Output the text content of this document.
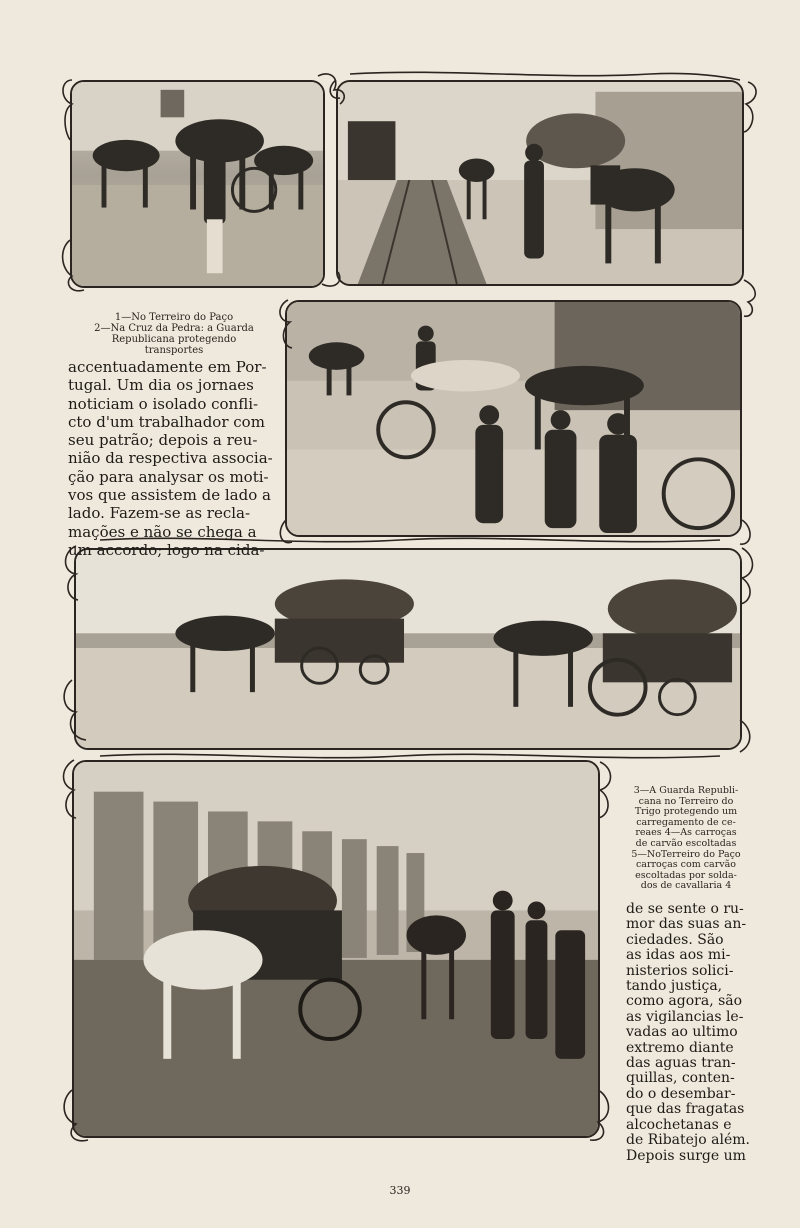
1—No Terreiro do Paço
2—Na Cruz da Pedra: a Guarda
Republicana protegendo
transportes
accentuadamente em Por-
tugal. Um dia os jornaes
noticiam o isolado confli-
cto d'um trabalhador com
seu patrão; depois a reu-
nião da respectiva associa-
ção para analysar os moti-
vos que assistem de lado a
lado. Fazem-se as recla-
mações e não se chega a
um accordo; logo na cida-
3—A Guarda Republi-
cana no Terreiro do
Trigo protegendo um
carregamento de ce-
reaes 4—As carroças
de carvão escoltadas
5—NoTerreiro do Paço
carroças com carvão
escoltadas por solda-
dos de cavallaria 4
de se sente o ru-
mor das suas an-
ciedades. São
as idas aos mi-
nisterios solici-
tando justiça,
como agora, são
as vigilancias le-
vadas ao ultimo
extremo diante
das aguas tran-
quillas, conten-
do o desembar-
que das fragatas
alcochetanas e
de Ribatejo além.
Depois surge um
339
